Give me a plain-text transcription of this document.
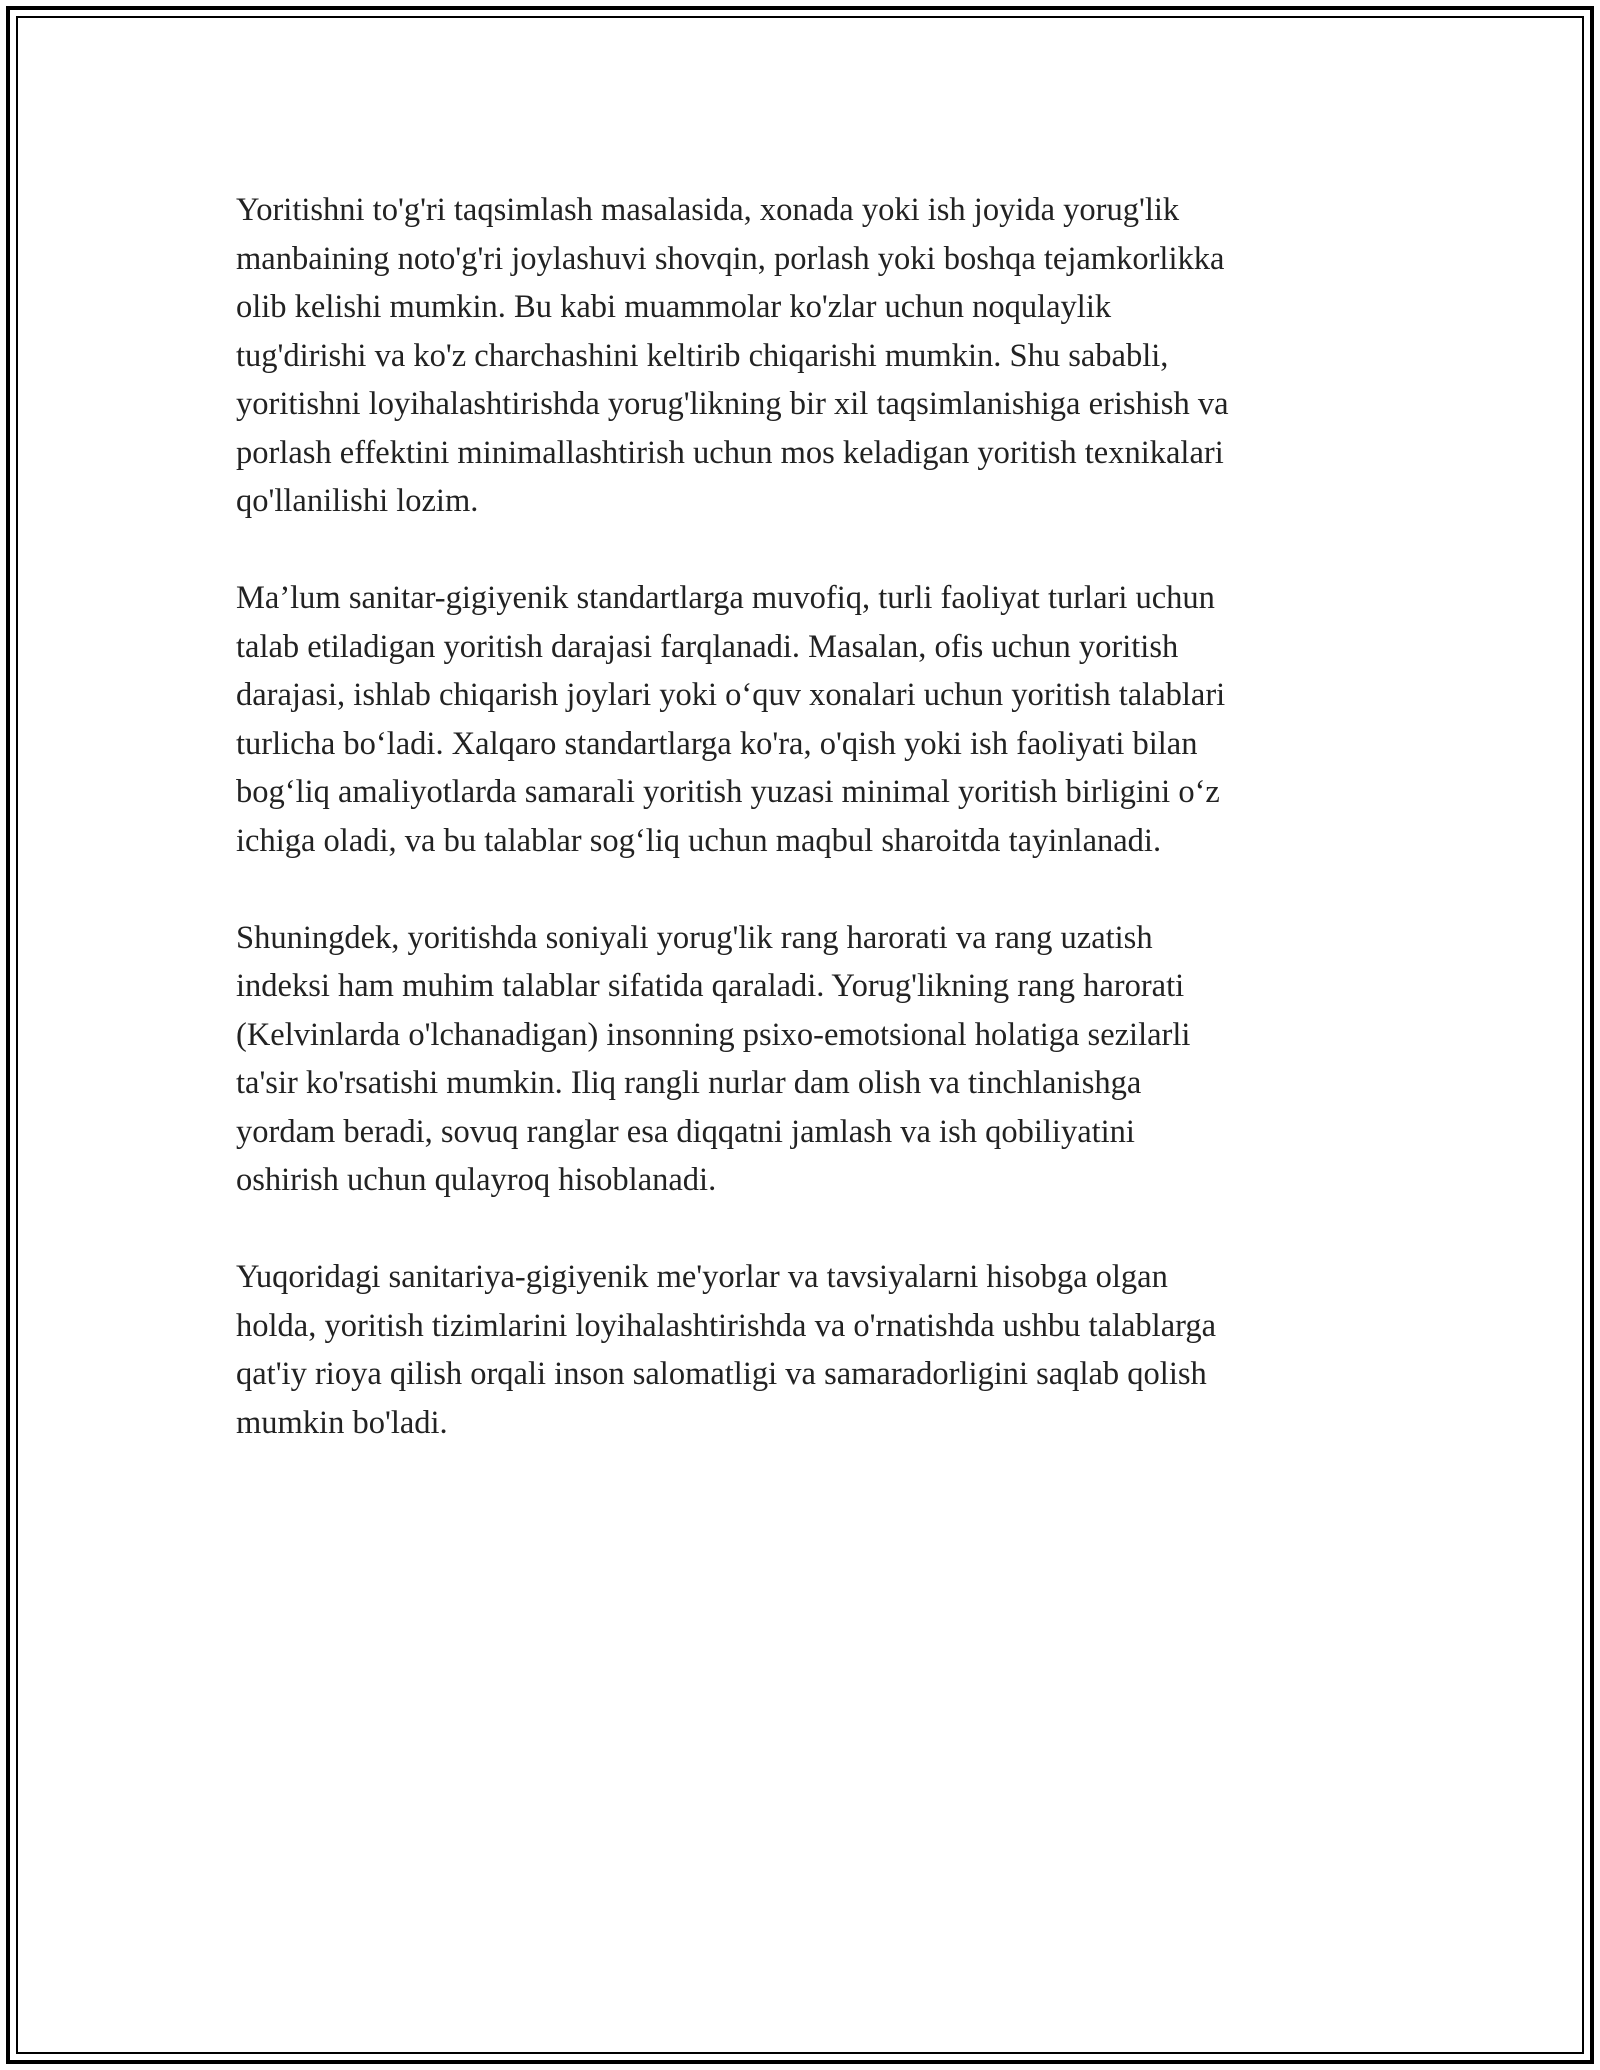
Yoritishni to'g'ri taqsimlash masalasida, xonada yoki ish joyida yorug'lik
manbaining noto'g'ri joylashuvi shovqin, porlash yoki boshqa tejamkorlikka
olib kelishi mumkin. Bu kabi muammolar ko'zlar uchun noqulaylik
tug'dirishi va ko'z charchashini keltirib chiqarishi mumkin. Shu sababli,
yoritishni loyihalashtirishda yorug'likning bir xil taqsimlanishiga erishish va
porlash effektini minimallashtirish uchun mos keladigan yoritish texnikalari
qo'llanilishi lozim.

Ma’lum sanitar-gigiyenik standartlarga muvofiq, turli faoliyat turlari uchun
talab etiladigan yoritish darajasi farqlanadi. Masalan, ofis uchun yoritish
darajasi, ishlab chiqarish joylari yoki o‘quv xonalari uchun yoritish talablari
turlicha bo‘ladi. Xalqaro standartlarga ko'ra, o'qish yoki ish faoliyati bilan
bog‘liq amaliyotlarda samarali yoritish yuzasi minimal yoritish birligini o‘z
ichiga oladi, va bu talablar sog‘liq uchun maqbul sharoitda tayinlanadi.

Shuningdek, yoritishda soniyali yorug'lik rang harorati va rang uzatish
indeksi ham muhim talablar sifatida qaraladi. Yorug'likning rang harorati
(Kelvinlarda o'lchanadigan) insonning psixo-emotsional holatiga sezilarli
ta'sir ko'rsatishi mumkin. Iliq rangli nurlar dam olish va tinchlanishga
yordam beradi, sovuq ranglar esa diqqatni jamlash va ish qobiliyatini
oshirish uchun qulayroq hisoblanadi.

Yuqoridagi sanitariya-gigiyenik me'yorlar va tavsiyalarni hisobga olgan
holda, yoritish tizimlarini loyihalashtirishda va o'rnatishda ushbu talablarga
qat'iy rioya qilish orqali inson salomatligi va samaradorligini saqlab qolish
mumkin bo'ladi.
